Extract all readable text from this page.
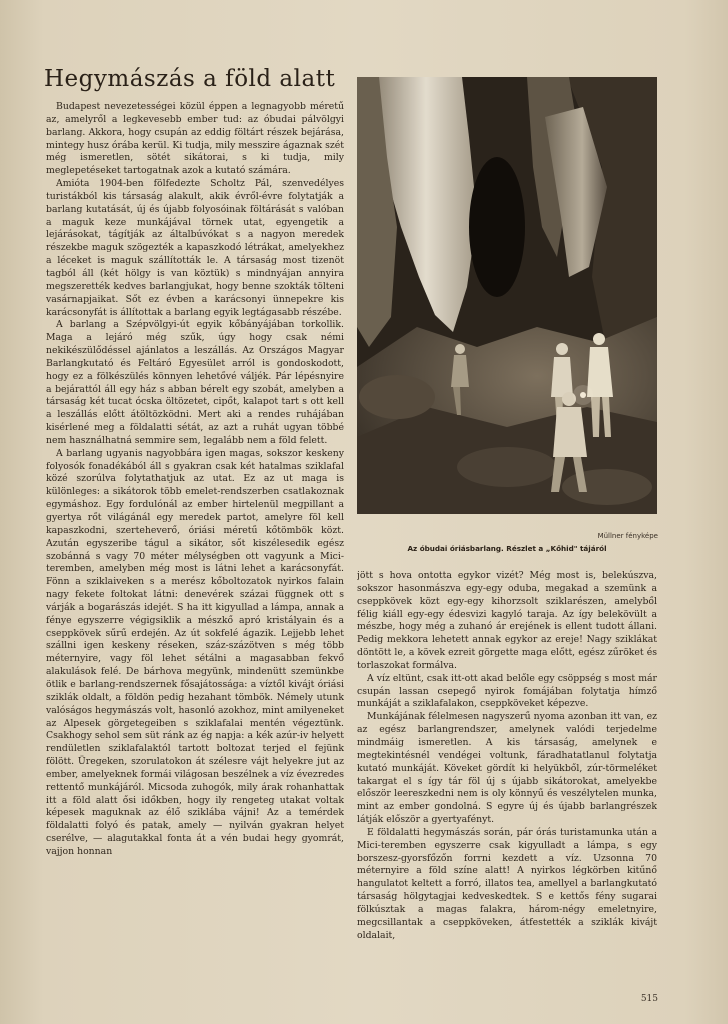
Hegymászás a föld alatt

Budapest nevezetességei közül éppen a legnagyobb méretű az, amelyről a legkevesebb ember tud: az óbudai pálvölgyi barlang. Akkora, hogy csupán az eddig föltárt részek bejárása, mintegy husz órába kerül. Ki tudja, mily messzire ágaznak szét még ismeretlen, sötét sikátorai, s ki tudja, mily meglepetéseket tartogatnak azok a kutató számára.

Amióta 1904-ben fölfedezte Scholtz Pál, szenvedélyes turistákból kis társaság alakult, akik évről-évre folytatják a barlang kutatását, új és újabb folyosóinak föltárását s valóban a maguk keze munkájával törnek utat, egyengetik a lejárásokat, tágítják az általbúvókat s a nagyon meredek részekbe maguk szögezték a kapaszkodó létrákat, amelyekhez a léceket is maguk szállították le. A társaság most tizenöt tagból áll (két hölgy is van köztük) s mindnyájan annyira megszerették kedves barlangjukat, hogy benne szokták tölteni vasárnapjaikat. Sőt ez évben a karácsonyi ünnepekre kis karácsonyfát is állítottak a barlang egyik legtágasabb részébe.

A barlang a Szépvölgyi-út egyik kőbányájában torkollik. Maga a lejáró még szűk, úgy hogy csak némi nekikészülődéssel ajánlatos a leszállás. Az Országos Magyar Barlangkutató és Feltáró Egyesület arról is gondoskodott, hogy ez a fölkészülés könnyen lehetővé váljék. Pár lépésnyire a bejárattól áll egy ház s abban bérelt egy szobát, amelyben a társaság két tucat ócska öltözetet, cipőt, kalapot tart s ott kell a leszállás előtt átöltözködni. Mert aki a rendes ruhájában kisérlené meg a földalatti sétát, az azt a ruhát ugyan többé nem használhatná semmire sem, legalább nem a föld felett.

A barlang ugyanis nagyobbára igen magas, sokszor keskeny folyosók fonadékából áll s gyakran csak két hatalmas sziklafal közé szorúlva folytathatjuk az utat. Ez az ut maga is különleges: a sikátorok több emelet-rendszerben csatlakoznak egymáshoz. Egy fordulónál az ember hirtelenül megpillant a gyertya rőt világánál egy meredek partot, amelyre föl kell kapaszkodni, szerteheverő, óriási méretű kőtömbök közt. Azután egyszeribe tágul a sikátor, sőt kiszélesedik egész szobánná s vagy 70 méter mélységben ott vagyunk a Mici-teremben, amelyben még most is látni lehet a karácsonyfát. Fönn a sziklaiveken s a merész kőboltozatok nyirkos falain nagy fekete foltokat látni: denevérek százai függnek ott s várják a bogarászás idejét. S ha itt kigyullad a lámpa, annak a fénye egyszerre végigsiklik a mészkő apró kristályain és a cseppkövek sűrű erdején. Az út sokfelé ágazik. Lejjebb lehet szállni igen keskeny réseken, száz-százötven s még több méternyire, vagy föl lehet sétálni a magasabban fekvő alakulások felé. De bárhova megyünk, mindenütt szemünkbe ötlik e barlang-rendszernek fősajátossága: a víztől kivájt óriási sziklák oldalt, a földön pedig hezahant tömbök. Némely utunk valóságos hegymászás volt, hasonló azokhoz, mint amilyeneket az Alpesek görgetegeiben s sziklafalai mentén végeztünk. Csakhogy sehol sem süt ránk az ég napja: a kék azúr-iv helyett rendületlen sziklafalaktól tartott boltozat terjed el fejünk fölött. Üregeken, szorulatokon át szélesre vájt helyekre jut az ember, amelyeknek formái világosan beszélnek a víz évezredes rettentő munkájáról. Micsoda zuhogók, mily árak rohanhattak itt a föld alatt ősi időkben, hogy ily rengeteg utakat voltak képesek maguknak az élő sziklába vájni! Az a temérdek földalatti folyó és patak, amely — nyilván gyakran helyet cserélve, — alagutakkal fonta át a vén budai hegy gyomrát, vajjon honnan

Müllner fényképe
Az óbudai óriásbarlang. Részlet a „Kőhid" tájáról

jött s hova ontotta egykor vizét? Még most is, belekúszva, sokszor hasonmászva egy-egy oduba, megakad a szemünk a cseppkövek közt egy-egy kihorzsolt sziklarészen, amelyből félig kiáll egy-egy édesvizi kagyló taraja. Az így belekövült a mészbe, hogy még a zuhanó ár erejének is ellent tudott állani. Pedig mekkora lehetett annak egykor az ereje! Nagy sziklákat döntött le, a kövek ezreit görgette maga előtt, egész zűröket és torlaszokat formálva.

A víz eltünt, csak itt-ott akad belőle egy csöppség s most már csupán lassan csepegő nyirok fomájában folytatja hímző munkáját a sziklafalakon, cseppköveket képezve.

Munkájának félelmesen nagyszerű nyoma azonban itt van, ez az egész barlangrendszer, amelynek valódi terjedelme mindmáig ismeretlen. A kis társaság, amelynek e megtekintésnél vendégei voltunk, fáradhatatlanul folytatja kutató munkáját. Köveket gördít ki helyükből, zúr-törmeléket takargat el s így tár föl új s újabb sikátorokat, amelyekbe először leereszkedni nem is oly könnyű és veszélytelen munka, mint az ember gondolná. S egyre új és újabb barlangrészek látják először a gyertyafényt.

E földalatti hegymászás során, pár órás turistamunka után a Mici-teremben egyszerre csak kigyulladt a lámpa, s egy borszesz-gyorsfőzőn forrni kezdett a víz. Uzsonna 70 méternyire a föld színe alatt! A nyirkos légkörben kitűnő hangulatot keltett a forró, illatos tea, amellyel a barlangkutató társaság hölgytagjai kedveskedtek. S e kettős fény sugarai fölkúsztak a magas falakra, három-négy emeletnyire, megcsillantak a cseppköveken, átfestették a sziklák kivájt oldalait,

515
